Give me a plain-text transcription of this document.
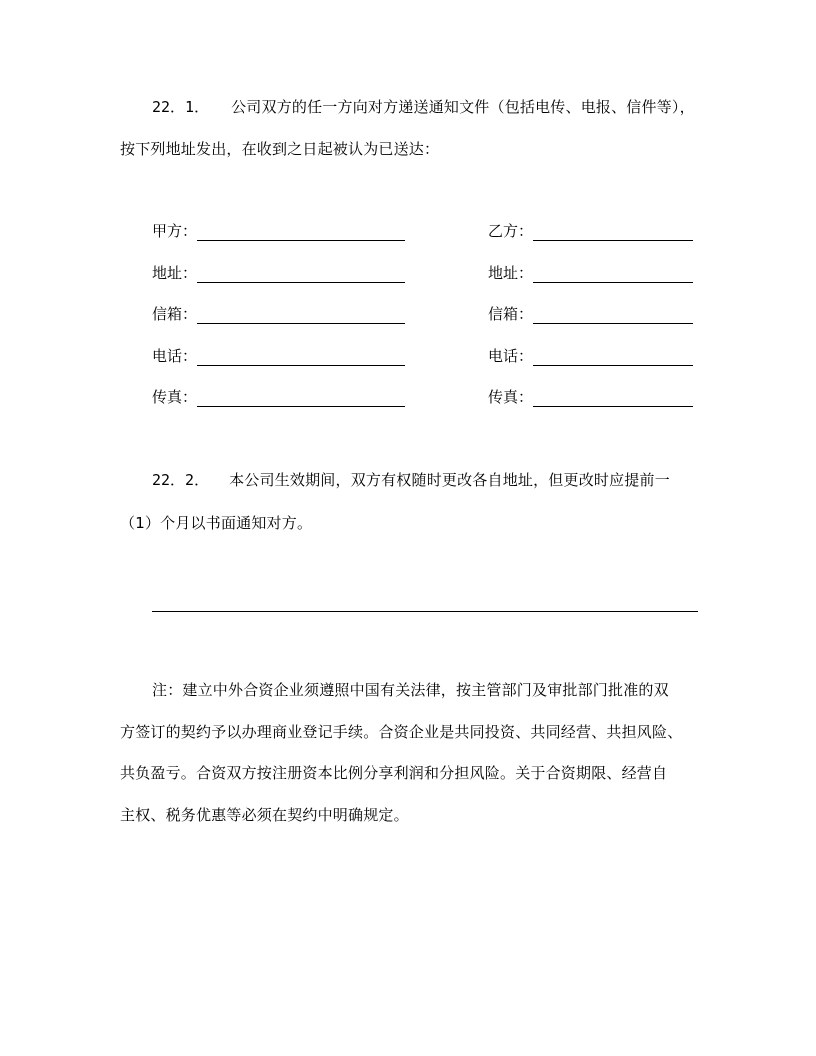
22．1． 公司双方的任一方向对方递送通知文件（包括电传、电报、信件等），
按下列地址发出，在收到之日起被认为已送达：
甲方：
地址：
信箱：
电话：
传真：
乙方：
地址：
信箱：
电话：
传真：
22．2． 本公司生效期间，双方有权随时更改各自地址，但更改时应提前一
（1）个月以书面通知对方。
注：建立中外合资企业须遵照中国有关法律，按主管部门及审批部门批准的双
方签订的契约予以办理商业登记手续。合资企业是共同投资、共同经营、共担风险、
共负盈亏。合资双方按注册资本比例分享利润和分担风险。关于合资期限、经营自
主权、税务优惠等必须在契约中明确规定。
